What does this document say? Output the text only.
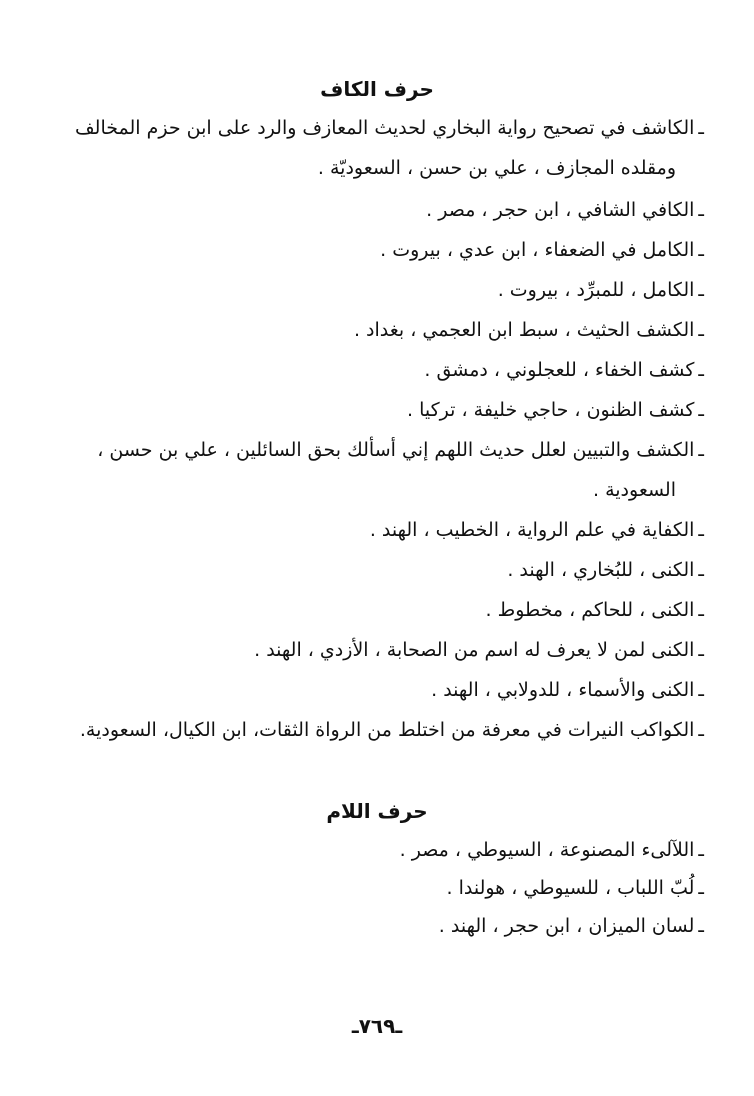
حرف الكاف
ـالكاشف في تصحيح رواية البخاري لحديث المعازف والرد على ابن حزم المخالف
ومقلده المجازف ، علي بن حسن ، السعوديّة .
ـالكافي الشافي ، ابن حجر ، مصر .
ـالكامل في الضعفاء ، ابن عدي ، بيروت .
ـالكامل ، للمبرِّد ، بيروت .
ـالكشف الحثيث ، سبط ابن العجمي ، بغداد .
ـكشف الخفاء ، للعجلوني ، دمشق .
ـكشف الظنون ، حاجي خليفة ، تركيا .
ـالكشف والتبيين لعلل حديث اللهم إني أسألك بحق السائلين ، علي بن حسن ،
السعودية .
ـالكفاية في علم الرواية ، الخطيب ، الهند .
ـالكنى ، للبُخاري ، الهند .
ـالكنى ، للحاكم ، مخطوط .
ـالكنى لمن لا يعرف له اسم من الصحابة ، الأزدي ، الهند .
ـالكنى والأسماء ، للدولابي ، الهند .
ـالكواكب النيرات في معرفة من اختلط من الرواة الثقات، ابن الكيال، السعودية.
حرف اللام
ـاللآلىء المصنوعة ، السيوطي ، مصر .
ـلُبّ اللباب ، للسيوطي ، هولندا .
ـلسان الميزان ، ابن حجر ، الهند .
ـ٧٦٩ـ
